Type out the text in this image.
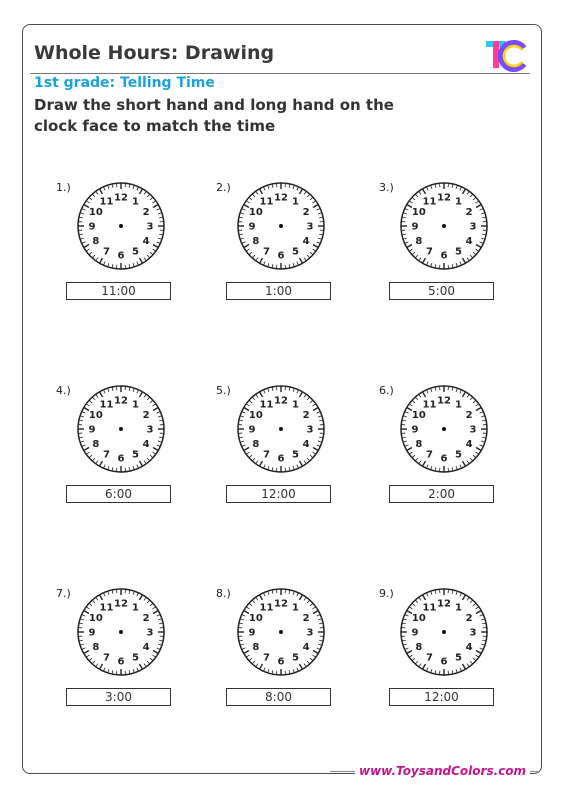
Whole Hours: Drawing
1st grade: Telling Time
Draw the short hand and long hand on the clock face to match the time
1.)
12 1
2
3
4
5
6
7
8
9
10
11
11:00
2.)
12 1
2
3
4
5
6
7
8
9
10
11
1:00
3.)
12 1
2
3
4
5
6
7
8
9
10
11
5:00
4.)
12 1
2
3
4
5
6
7
8
9
10
11
6:00
5.)
12 1
2
3
4
5
6
7
8
9
10
11
12:00
6.)
12 1
2
3
4
5
6
7
8
9
10
11
2:00
7.)
12 1
2
3
4
5
6
7
8
9
10
11
3:00
8.)
12 1
2
3
4
5
6
7
8
9
10
11
8:00
9.)
12 1
2
3
4
5
6
7
8
9
10
11
12:00
www.ToysandColors.com
